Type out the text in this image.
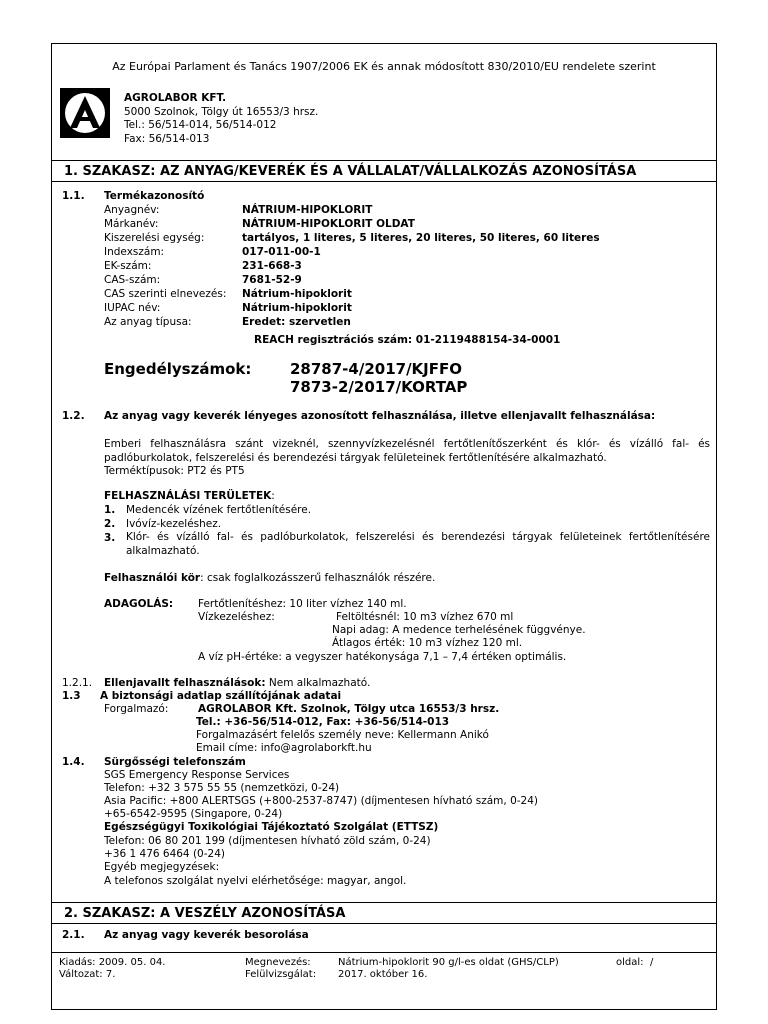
Az Európai Parlament és Tanács 1907/2006 EK és annak módosított 830/2010/EU rendelete szerint
AGROLABOR KFT.
5000 Szolnok, Tölgy út 16553/3 hrsz.
Tel.: 56/514-014, 56/514-012
Fax: 56/514-013
1. SZAKASZ: AZ ANYAG/KEVERÉK ÉS A VÁLLALAT/VÁLLALKOZÁS AZONOSÍTÁSA
1.1. Termékazonosító
Anyagnév:	NÁTRIUM-HIPOKLORIT
Márkanév:	NÁTRIUM-HIPOKLORIT OLDAT
Kiszerelési egység:	tartályos, 1 literes, 5 literes, 20 literes, 50 literes, 60 literes
Indexszám:	017-011-00-1
EK-szám:	231-668-3
CAS-szám:	7681-52-9
CAS szerinti elnevezés: Nátrium-hipoklorit
IUPAC név:	Nátrium-hipoklorit
Az anyag típusa:	Eredet: szervetlen
REACH regisztrációs szám: 01-2119488154-34-0001
Engedélyszámok:	28787-4/2017/KJFFO
7873-2/2017/KORTAP
1.2. Az anyag vagy keverék lényeges azonosított felhasználása, illetve ellenjavallt felhasználása:
Emberi felhasználásra szánt vizeknél, szennyvízkezelésnél fertőtlenítőszerként és klór- és vízálló fal- és padlóburkolatok, felszerelési és berendezési tárgyak felületeinek fertőtlenítésére alkalmazható.
Terméktípusok: PT2 és PT5
FELHASZNÁLÁSI TERÜLETEK:
1. Medencék vízének fertőtlenítésére.
2. Ivóvíz-kezeléshez.
3. Klór- és vízálló fal- és padlóburkolatok, felszerelési és berendezési tárgyak felületeinek fertőtlenítésére alkalmazható.
Felhasználói kör: csak foglalkozásszerű felhasználók részére.
ADAGOLÁS: Fertőtlenítéshez: 10 liter vízhez 140 ml.
Vízkezeléshez:	Feltöltésnél: 10 m3 vízhez 670 ml
Napi adag: A medence terhelésének függvénye.
Átlagos érték: 10 m3 vízhez 120 ml.
A víz pH-értéke: a vegyszer hatékonysága 7,1 – 7,4 értéken optimális.
1.2.1. Ellenjavallt felhasználások: Nem alkalmazható.
1.3 A biztonsági adatlap szállítójának adatai
Forgalmazó:	AGROLABOR Kft. Szolnok, Tölgy utca 16553/3 hrsz.
Tel.: +36-56/514-012, Fax: +36-56/514-013
Forgalmazásért felelős személy neve: Kellermann Anikó
Email címe: info@agrolaborkft.hu
1.4. Sürgősségi telefonszám
SGS Emergency Response Services
Telefon: +32 3 575 55 55 (nemzetközi, 0-24)
Asia Pacific: +800 ALERTSGS (+800-2537-8747) (díjmentesen hívható szám, 0-24)
+65-6542-9595 (Singapore, 0-24)
Egészségügyi Toxikológiai Tájékoztató Szolgálat (ETTSZ)
Telefon: 06 80 201 199 (díjmentesen hívható zöld szám, 0-24)
+36 1 476 6464 (0-24)
Egyéb megjegyzések:
A telefonos szolgálat nyelvi elérhetősége: magyar, angol.
2. SZAKASZ: A VESZÉLY AZONOSÍTÁSA
2.1. Az anyag vagy keverék besorolása
Kiadás: 2009. 05. 04.
Változat: 7.
Megnevezés:	Nátrium-hipoklorit 90 g/l-es oldat (GHS/CLP)
Felülvizsgálat: 2017. október 16.
oldal: /
